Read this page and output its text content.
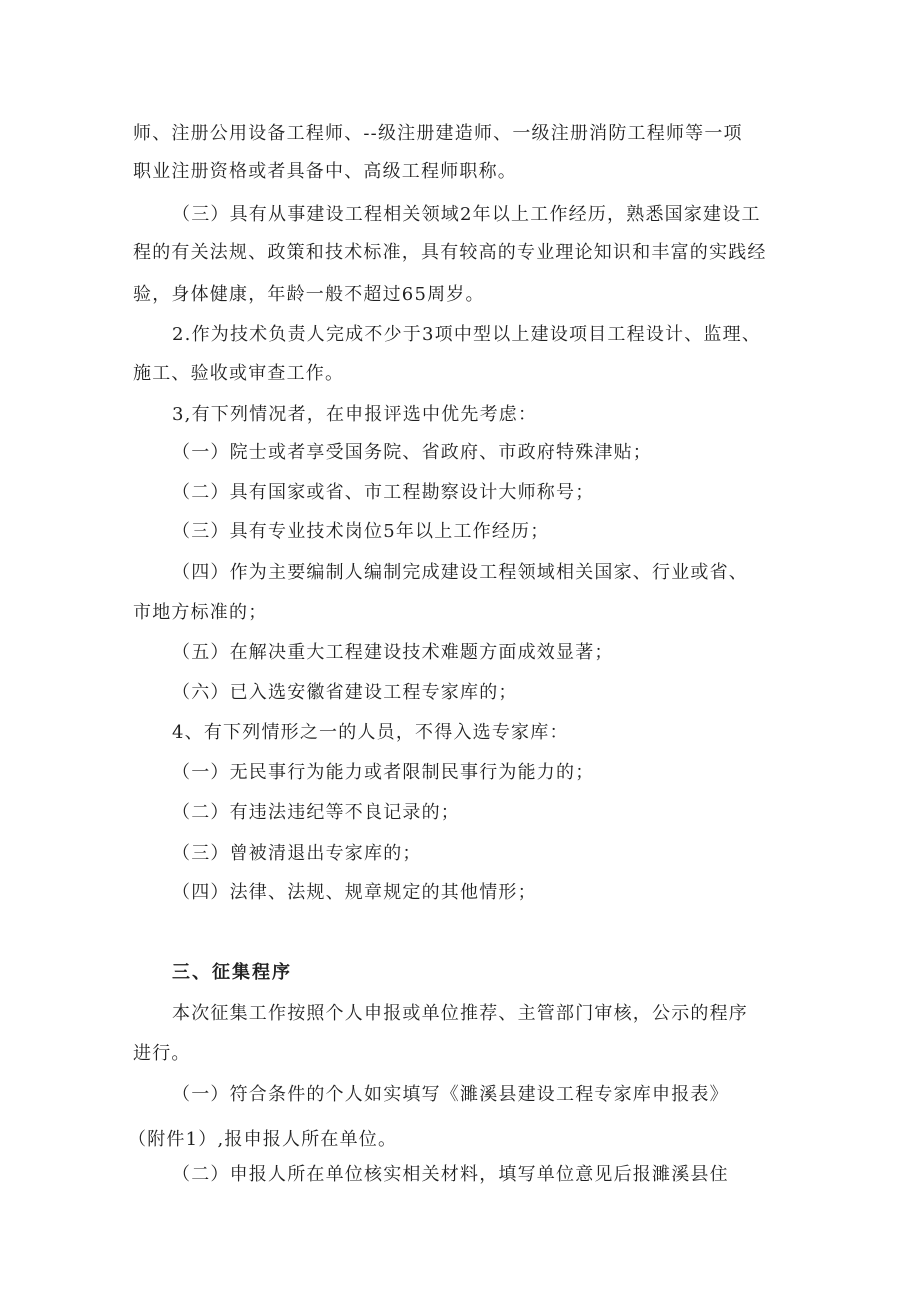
师、注册公用设备工程师、--级注册建造师、一级注册消防工程师等一项
职业注册资格或者具备中、高级工程师职称。
（三）具有从事建设工程相关领域2年以上工作经历，熟悉国家建设工
程的有关法规、政策和技术标准，具有较高的专业理论知识和丰富的实践经
验，身体健康，年龄一般不超过65周岁。
2.作为技术负责人完成不少于3项中型以上建设项目工程设计、监理、
施工、验收或审查工作。
3,有下列情况者，在申报评选中优先考虑：
（一）院士或者享受国务院、省政府、市政府特殊津贴；
（二）具有国家或省、市工程勘察设计大师称号；
（三）具有专业技术岗位5年以上工作经历；
（四）作为主要编制人编制完成建设工程领域相关国家、行业或省、
市地方标准的；
（五）在解决重大工程建设技术难题方面成效显著；
（六）已入选安徽省建设工程专家库的；
4、有下列情形之一的人员，不得入选专家库：
（一）无民事行为能力或者限制民事行为能力的；
（二）有违法违纪等不良记录的；
（三）曾被清退出专家库的；
（四）法律、法规、规章规定的其他情形；
三、征集程序
本次征集工作按照个人申报或单位推荐、主管部门审核，公示的程序
进行。
（一）符合条件的个人如实填写《濉溪县建设工程专家库申报表》
（附件1）,报申报人所在单位。
（二）申报人所在单位核实相关材料，填写单位意见后报濉溪县住
